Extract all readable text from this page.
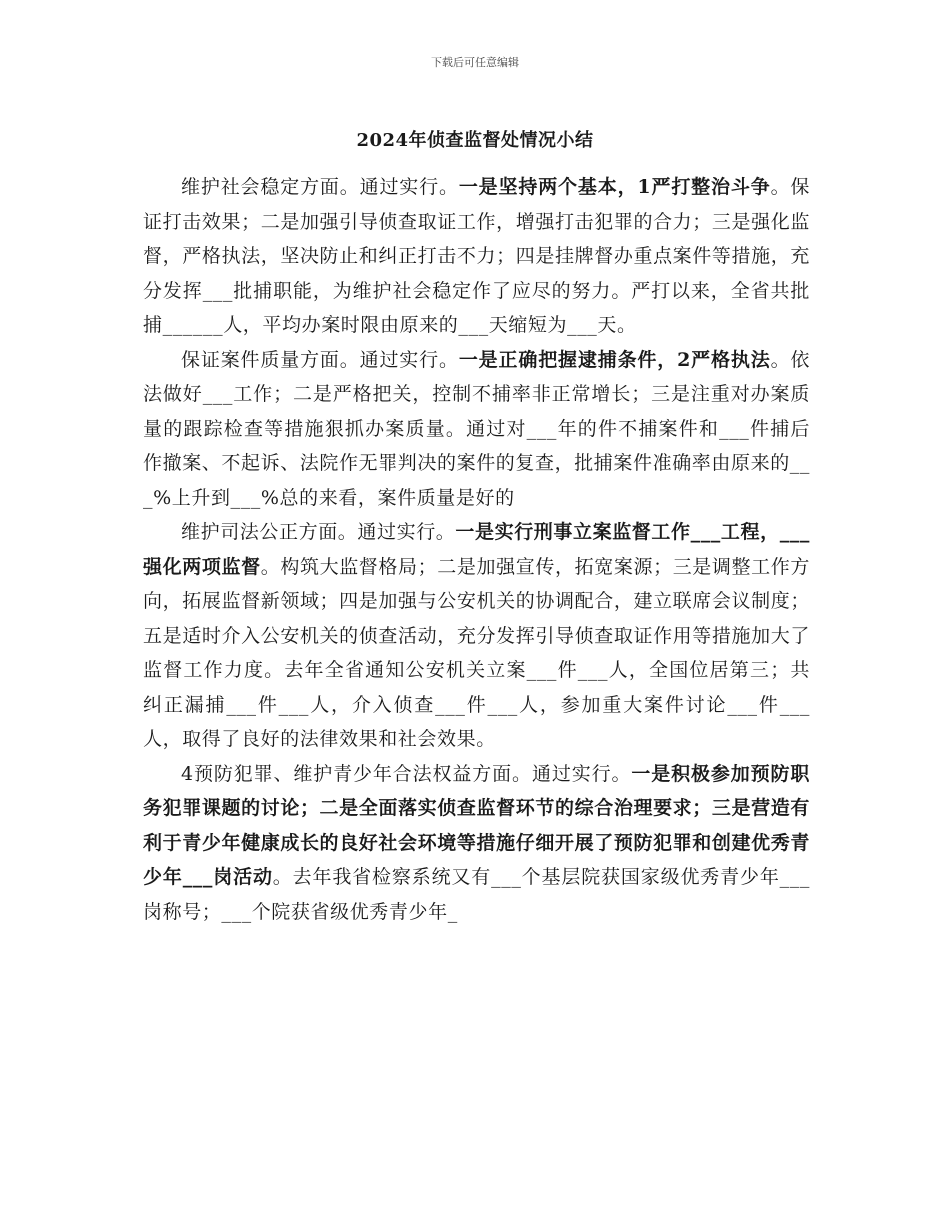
下载后可任意编辑
2024年侦查监督处情况小结

维护社会稳定方面。通过实行。一是坚持两个基本，1严打整治斗争。保证打击效果；二是加强引导侦查取证工作，增强打击犯罪的合力；三是强化监督，严格执法，坚决防止和纠正打击不力；四是挂牌督办重点案件等措施，充分发挥___批捕职能，为维护社会稳定作了应尽的努力。严打以来，全省共批捕______人，平均办案时限由原来的___天缩短为___天。

保证案件质量方面。通过实行。一是正确把握逮捕条件，2严格执法。依法做好___工作；二是严格把关，控制不捕率非正常增长；三是注重对办案质量的跟踪检查等措施狠抓办案质量。通过对___年的件不捕案件和___件捕后作撤案、不起诉、法院作无罪判决的案件的复查，批捕案件准确率由原来的___%上升到___%总的来看，案件质量是好的

维护司法公正方面。通过实行。一是实行刑事立案监督工作___工程，___强化两项监督。构筑大监督格局；二是加强宣传，拓宽案源；三是调整工作方向，拓展监督新领域；四是加强与公安机关的协调配合，建立联席会议制度；五是适时介入公安机关的侦查活动，充分发挥引导侦查取证作用等措施加大了监督工作力度。去年全省通知公安机关立案___件___人，全国位居第三；共纠正漏捕___件___人，介入侦查___件___人，参加重大案件讨论___件___人，取得了良好的法律效果和社会效果。

4预防犯罪、维护青少年合法权益方面。通过实行。一是积极参加预防职务犯罪课题的讨论；二是全面落实侦查监督环节的综合治理要求；三是营造有利于青少年健康成长的良好社会环境等措施仔细开展了预防犯罪和创建优秀青少年___岗活动。去年我省检察系统又有___个基层院获国家级优秀青少年___岗称号；___个院获省级优秀青少年_
